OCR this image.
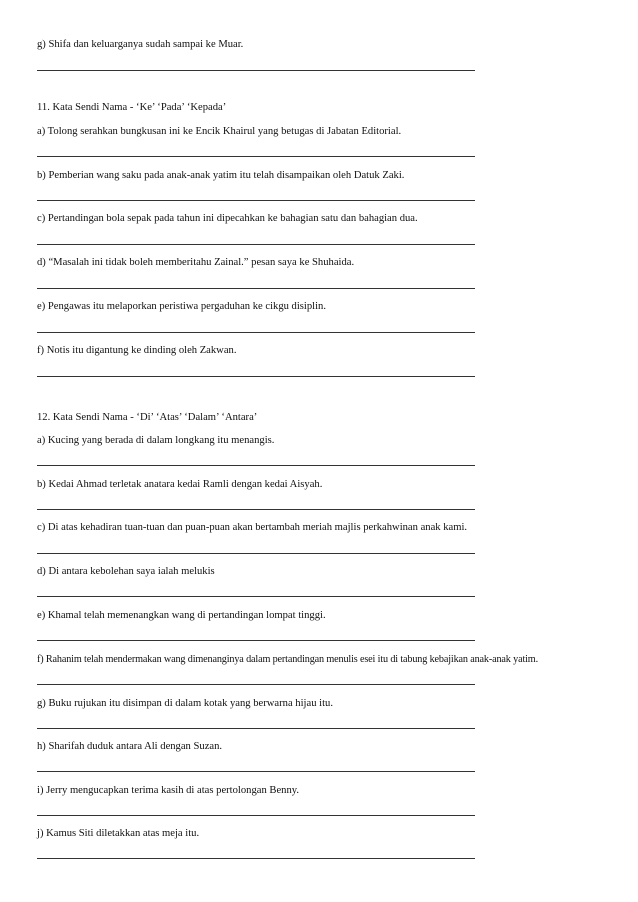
g) Shifa dan keluarganya sudah sampai ke Muar.
11. Kata Sendi Nama - ‘Ke’ ‘Pada’ ‘Kepada’
a) Tolong serahkan bungkusan ini ke Encik Khairul yang betugas di Jabatan Editorial.
b) Pemberian wang saku pada anak-anak yatim itu telah disampaikan oleh Datuk Zaki.
c) Pertandingan bola sepak pada tahun ini dipecahkan ke bahagian satu dan bahagian dua.
d) “Masalah ini tidak boleh memberitahu Zainal.” pesan saya ke Shuhaida.
e) Pengawas itu melaporkan peristiwa pergaduhan ke cikgu disiplin.
f) Notis itu digantung ke dinding oleh Zakwan.
12. Kata Sendi Nama - ‘Di’ ‘Atas’ ‘Dalam’ ‘Antara’
a) Kucing yang berada di dalam longkang itu menangis.
b) Kedai Ahmad terletak anatara kedai Ramli dengan kedai Aisyah.
c) Di atas kehadiran tuan-tuan dan puan-puan akan bertambah meriah majlis perkahwinan anak kami.
d) Di antara kebolehan saya ialah melukis
e) Khamal telah memenangkan wang di pertandingan lompat tinggi.
f) Rahanim telah mendermakan wang dimenanginya dalam pertandingan menulis esei itu di tabung kebajikan anak-anak yatim.
g) Buku rujukan itu disimpan di dalam kotak yang berwarna hijau itu.
h) Sharifah duduk antara Ali dengan Suzan.
i) Jerry mengucapkan terima kasih di atas pertolongan Benny.
j) Kamus Siti diletakkan atas meja itu.
